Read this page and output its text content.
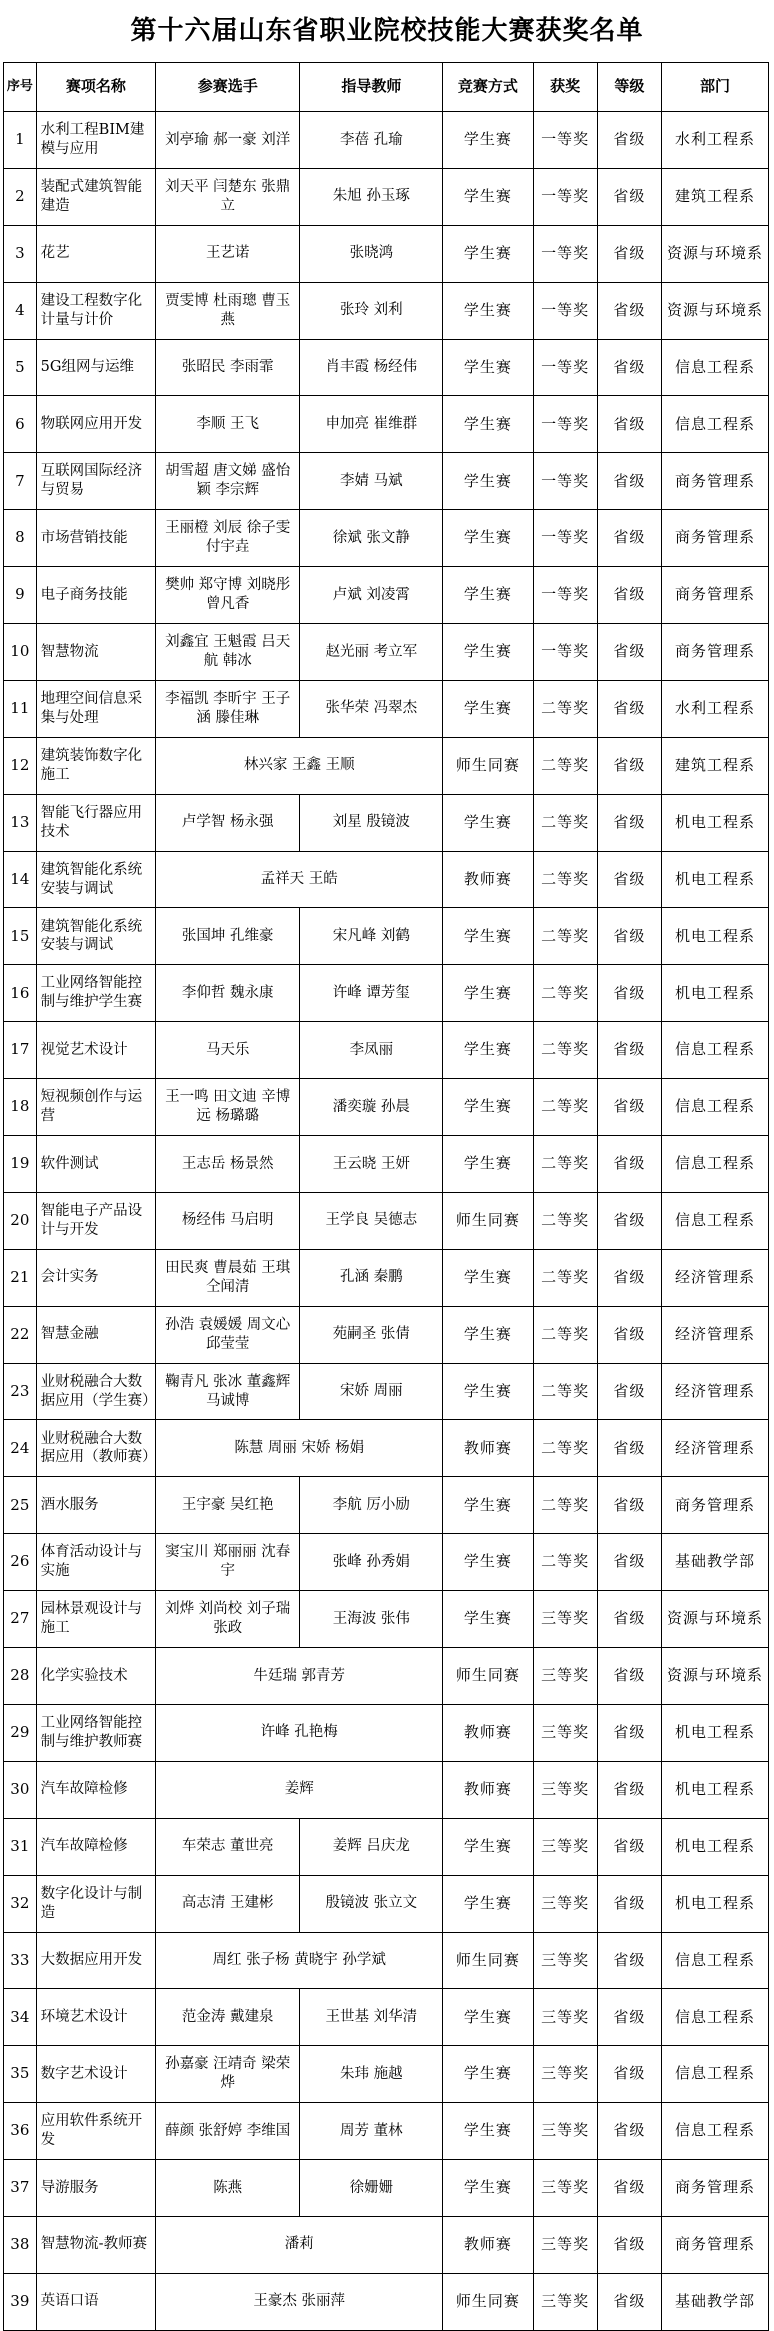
第十六届山东省职业院校技能大赛获奖名单
序号	赛项名称	参赛选手	指导教师	竞赛方式	获奖	等级	部门
1	水利工程BIM建模与应用	刘亭瑜 郝一豪 刘洋	李蓓 孔瑜	学生赛	一等奖	省级	水利工程系
2	装配式建筑智能建造	刘天平 闫楚东 张鼎立	朱旭 孙玉琢	学生赛	一等奖	省级	建筑工程系
3	花艺	王艺诺	张晓鸿	学生赛	一等奖	省级	资源与环境系
4	建设工程数字化计量与计价	贾雯博 杜雨璁 曹玉燕	张玲 刘利	学生赛	一等奖	省级	资源与环境系
5	5G组网与运维	张昭民 李雨霏	肖丰霞 杨经伟	学生赛	一等奖	省级	信息工程系
6	物联网应用开发	李顺 王飞	申加亮 崔维群	学生赛	一等奖	省级	信息工程系
7	互联网国际经济与贸易	胡雪超 唐文娣 盛怡颖 李宗辉	李婧 马斌	学生赛	一等奖	省级	商务管理系
8	市场营销技能	王丽橙 刘辰 徐子雯 付宇垚	徐斌 张文静	学生赛	一等奖	省级	商务管理系
9	电子商务技能	樊帅 郑守博 刘晓彤 曾凡香	卢斌 刘凌霄	学生赛	一等奖	省级	商务管理系
10	智慧物流	刘鑫宜 王魁霞 吕天航 韩冰	赵光丽 考立军	学生赛	一等奖	省级	商务管理系
11	地理空间信息采集与处理	李福凯 李昕宇 王子涵 滕佳琳	张华荣 冯翠杰	学生赛	二等奖	省级	水利工程系
12	建筑装饰数字化施工	林兴家 王鑫 王顺		师生同赛	二等奖	省级	建筑工程系
13	智能飞行器应用技术	卢学智 杨永强	刘星 殷镜波	学生赛	二等奖	省级	机电工程系
14	建筑智能化系统安装与调试	孟祥天 王皓		教师赛	二等奖	省级	机电工程系
15	建筑智能化系统安装与调试	张国坤 孔维豪	宋凡峰 刘鹤	学生赛	二等奖	省级	机电工程系
16	工业网络智能控制与维护学生赛	李仰哲 魏永康	许峰 谭芳玺	学生赛	二等奖	省级	机电工程系
17	视觉艺术设计	马天乐	李凤丽	学生赛	二等奖	省级	信息工程系
18	短视频创作与运营	王一鸣 田文迪 辛博远 杨璐璐	潘奕璇 孙晨	学生赛	二等奖	省级	信息工程系
19	软件测试	王志岳 杨景然	王云晓 王妍	学生赛	二等奖	省级	信息工程系
20	智能电子产品设计与开发	杨经伟 马启明	王学良 吴德志	师生同赛	二等奖	省级	信息工程系
21	会计实务	田民爽 曹晨茹 王琪 仝闻清	孔涵 秦鹏	学生赛	二等奖	省级	经济管理系
22	智慧金融	孙浩 袁媛媛 周文心 邱莹莹	苑嗣圣 张倩	学生赛	二等奖	省级	经济管理系
23	业财税融合大数据应用（学生赛）	鞠青凡 张冰 董鑫辉 马诚博	宋娇 周丽	学生赛	二等奖	省级	经济管理系
24	业财税融合大数据应用（教师赛）	陈慧 周丽 宋娇 杨娟		教师赛	二等奖	省级	经济管理系
25	酒水服务	王宇豪 吴红艳	李航 厉小励	学生赛	二等奖	省级	商务管理系
26	体育活动设计与实施	窦宝川 郑丽丽 沈春宇	张峰 孙秀娟	学生赛	二等奖	省级	基础教学部
27	园林景观设计与施工	刘烨 刘尚校 刘子瑞 张政	王海波 张伟	学生赛	三等奖	省级	资源与环境系
28	化学实验技术	牛廷瑞 郭青芳		师生同赛	三等奖	省级	资源与环境系
29	工业网络智能控制与维护教师赛	许峰 孔艳梅		教师赛	三等奖	省级	机电工程系
30	汽车故障检修	姜辉		教师赛	三等奖	省级	机电工程系
31	汽车故障检修	车荣志 董世亮	姜辉 吕庆龙	学生赛	三等奖	省级	机电工程系
32	数字化设计与制造	高志清 王建彬	殷镜波 张立文	学生赛	三等奖	省级	机电工程系
33	大数据应用开发	周红 张子杨 黄晓宇 孙学斌		师生同赛	三等奖	省级	信息工程系
34	环境艺术设计	范金涛 戴建泉	王世基 刘华清	学生赛	三等奖	省级	信息工程系
35	数字艺术设计	孙嘉豪 汪靖奇 梁荣烨	朱玮 施越	学生赛	三等奖	省级	信息工程系
36	应用软件系统开发	薛颜 张舒婷 李维国	周芳 董林	学生赛	三等奖	省级	信息工程系
37	导游服务	陈燕	徐姗姗	学生赛	三等奖	省级	商务管理系
38	智慧物流-教师赛	潘莉		教师赛	三等奖	省级	商务管理系
39	英语口语	王豪杰 张丽萍		师生同赛	三等奖	省级	基础教学部
